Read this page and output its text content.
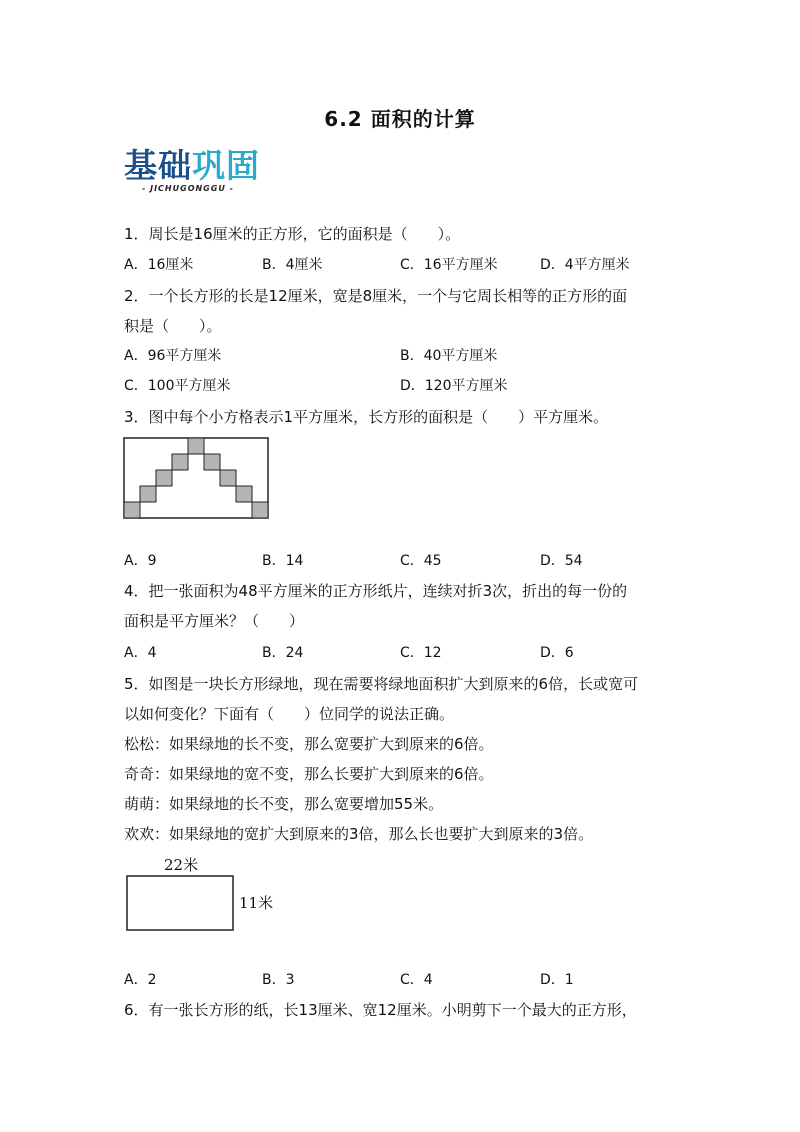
6.2 面积的计算
基础巩固
- JICHUGONGGU -
1．周长是16厘米的正方形，它的面积是（　　）。
A．16厘米	B．4厘米	C．16平方厘米	D．4平方厘米
2．一个长方形的长是12厘米，宽是8厘米，一个与它周长相等的正方形的面
积是（　　）。
A．96平方厘米	B．40平方厘米
C．100平方厘米	D．120平方厘米
3．图中每个小方格表示1平方厘米，长方形的面积是（　　）平方厘米。
A．9	B．14	C．45	D．54
4．把一张面积为48平方厘米的正方形纸片，连续对折3次，折出的每一份的
面积是平方厘米？（　　）
A．4	B．24	C．12	D．6
5．如图是一块长方形绿地，现在需要将绿地面积扩大到原来的6倍，长或宽可
以如何变化？下面有（　　）位同学的说法正确。
松松：如果绿地的长不变，那么宽要扩大到原来的6倍。
奇奇：如果绿地的宽不变，那么长要扩大到原来的6倍。
萌萌：如果绿地的长不变，那么宽要增加55米。
欢欢：如果绿地的宽扩大到原来的3倍，那么长也要扩大到原来的3倍。
22米
11米
A．2	B．3	C．4	D．1
6．有一张长方形的纸，长13厘米、宽12厘米。小明剪下一个最大的正方形，
